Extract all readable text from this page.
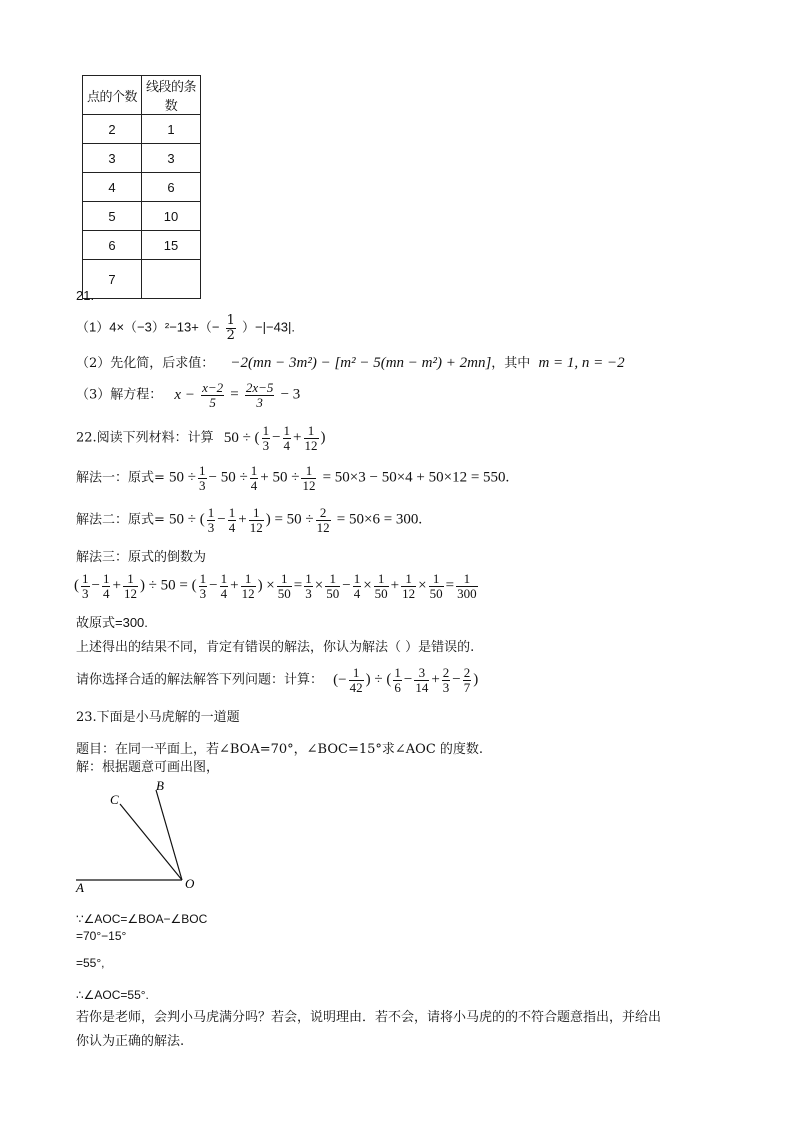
点的个数	线段的条数
2	1
3	3
4	6
5	10
6	15
7	
21.
$(1)4\times(-3)^2-13+(- \frac{1}{2} )-|-43|$.
（2）先化简，后求值： −2(mn − 3m²) − [m² − 5(mn − m²) + 2mn]，其中 m = 1, n = −2
（3）解方程： $x - \frac{x-2}{5} = \frac{2x-5}{3} - 3$
22.阅读下列材料：计算 50 ÷ ( $\frac{1}{3} - \frac{1}{4} + \frac{1}{12}$ )
解法一：原式= $50 \div \frac{1}{3} - 50 \div \frac{1}{4} + 50 \div \frac{1}{12} = 50\times 3 - 50\times 4 + 50\times 12 = 550$.
解法二：原式= 50 ÷ ( $\frac{1}{3} - \frac{1}{4} + \frac{1}{12}$ ) = $50 \div \frac{2}{12} = 50\times 6 = 300$.
解法三：原式的倒数为
( $\frac{1}{3} - \frac{1}{4} + \frac{1}{12}$ ) ÷ 50 = ( $\frac{1}{3} - \frac{1}{4} + \frac{1}{12}$ ) × $\frac{1}{50} = \frac{1}{3} \times \frac{1}{50} - \frac{1}{4} \times \frac{1}{50} + \frac{1}{12} \times \frac{1}{50} = \frac{1}{300}$
故原式=300.
上述得出的结果不同，肯定有错误的解法，你认为解法（ ）是错误的.
请你选择合适的解法解答下列问题：计算： (− $\frac{1}{42}$ ) ÷ ( $\frac{1}{6} - \frac{3}{14} + \frac{2}{3} - \frac{2}{7}$ )
23.下面是小马虎解的一道题
题目：在同一平面上，若∠BOA=70°，∠BOC=15°求∠AOC 的度数.
解：根据题意可画出图，
A
B
C
O
∵∠AOC=∠BOA−∠BOC
=70°−15°
=55°,
∴∠AOC=55°.
若你是老师，会判小马虎满分吗？若会，说明理由．若不会，请将小马虎的的不符合题意指出，并给出
你认为正确的解法.
